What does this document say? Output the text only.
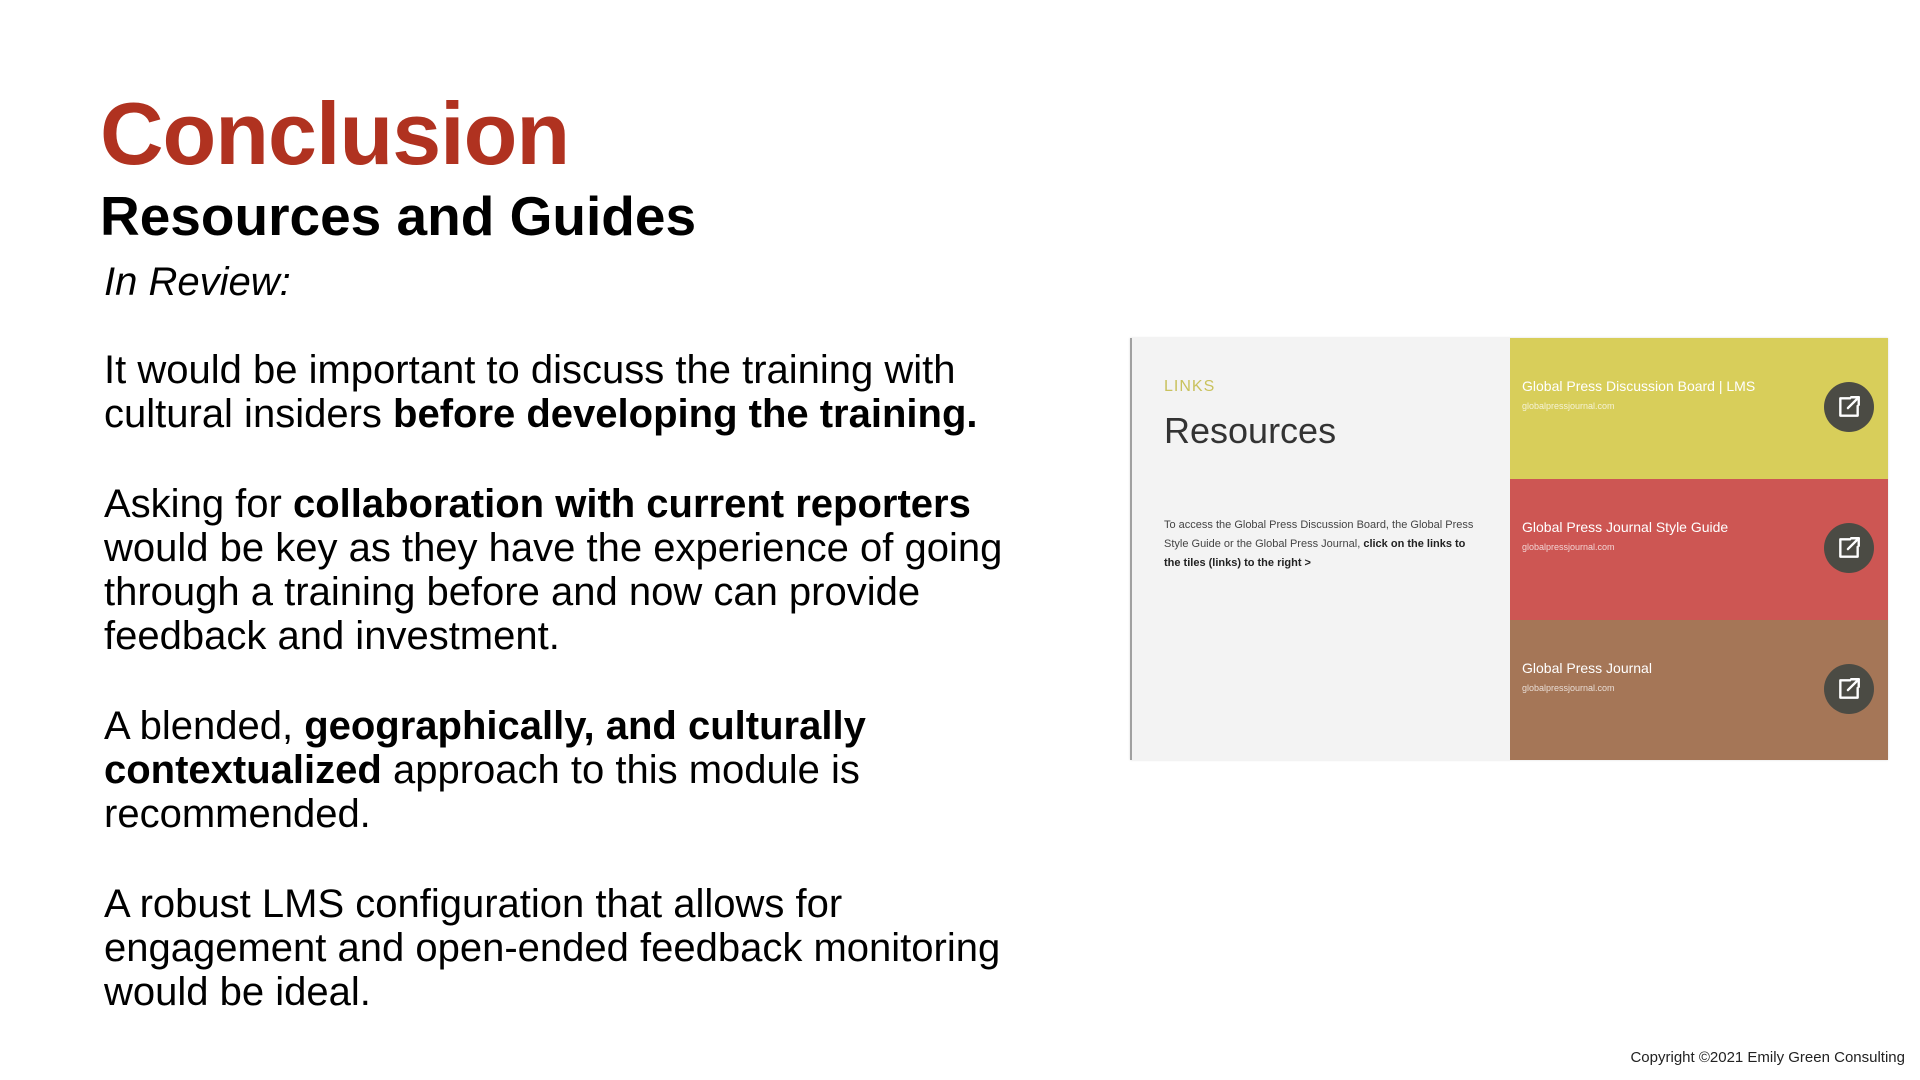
Conclusion
Resources and Guides

In Review:

It would be important to discuss the training with cultural insiders before developing the training.

Asking for collaboration with current reporters would be key as they have the experience of going through a training before and now can provide feedback and investment.

A blended, geographically, and culturally contextualized approach to this module is recommended.

A robust LMS configuration that allows for engagement and open-ended feedback monitoring would be ideal.

LINKS
Resources
To access the Global Press Discussion Board, the Global Press Style Guide or the Global Press Journal, click on the links to the tiles (links) to the right >
Global Press Discussion Board | LMS
globalpressjournal.com
Global Press Journal Style Guide
globalpressjournal.com
Global Press Journal
globalpressjournal.com
Copyright ©2021 Emily Green Consulting
